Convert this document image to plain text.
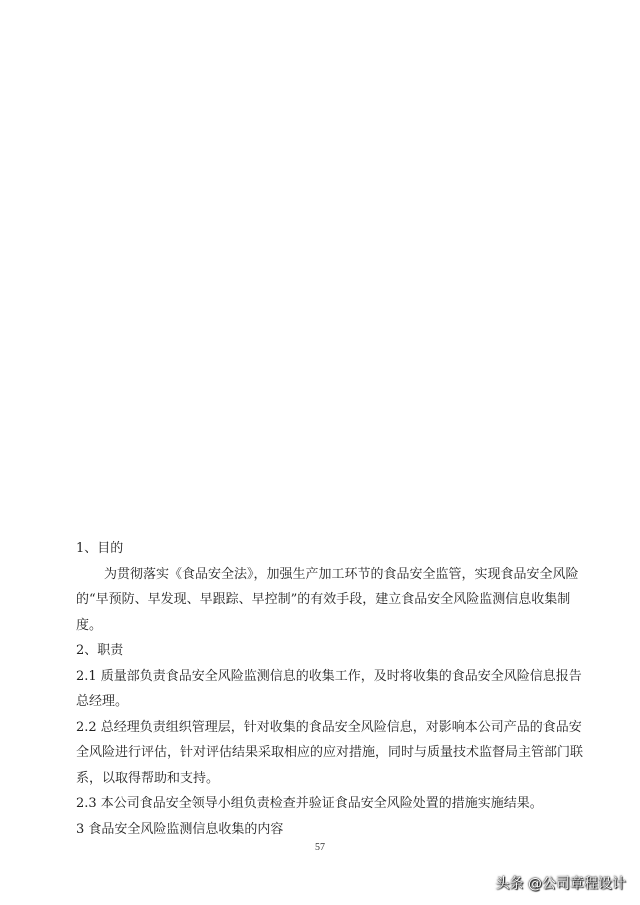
1、目的

为贯彻落实《食品安全法》，加强生产加工环节的食品安全监管，实现食品安全风险

的“早预防、早发现、早跟踪、早控制”的有效手段，建立食品安全风险监测信息收集制

度。

2、职责

2.1 质量部负责食品安全风险监测信息的收集工作，及时将收集的食品安全风险信息报告

总经理。

2.2 总经理负责组织管理层，针对收集的食品安全风险信息，对影响本公司产品的食品安

全风险进行评估，针对评估结果采取相应的应对措施，同时与质量技术监督局主管部门联

系，以取得帮助和支持。

2.3 本公司食品安全领导小组负责检查并验证食品安全风险处置的措施实施结果。

3 食品安全风险监测信息收集的内容

57
头条 @公司章程设计
